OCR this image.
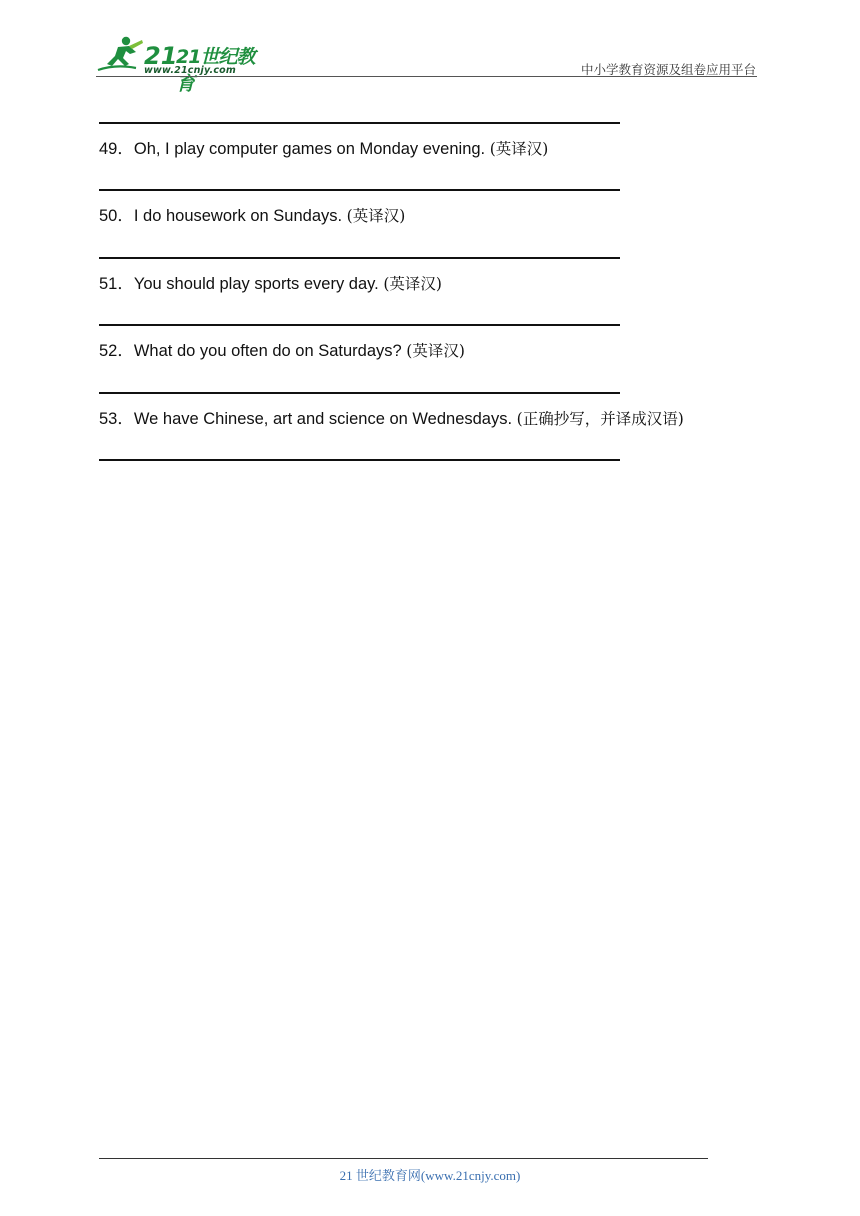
21
21世纪教育
www.21cnjy.com	中小学教育资源及组卷应用平台
49．Oh, I play computer games on Monday evening. (英译汉)
50．I do housework on Sundays. (英译汉)
51．You should play sports every day. (英译汉)
52．What do you often do on Saturdays? (英译汉)
53．We have Chinese, art and science on Wednesdays. (正确抄写，并译成汉语)
21 世纪教育网(www.21cnjy.com)
